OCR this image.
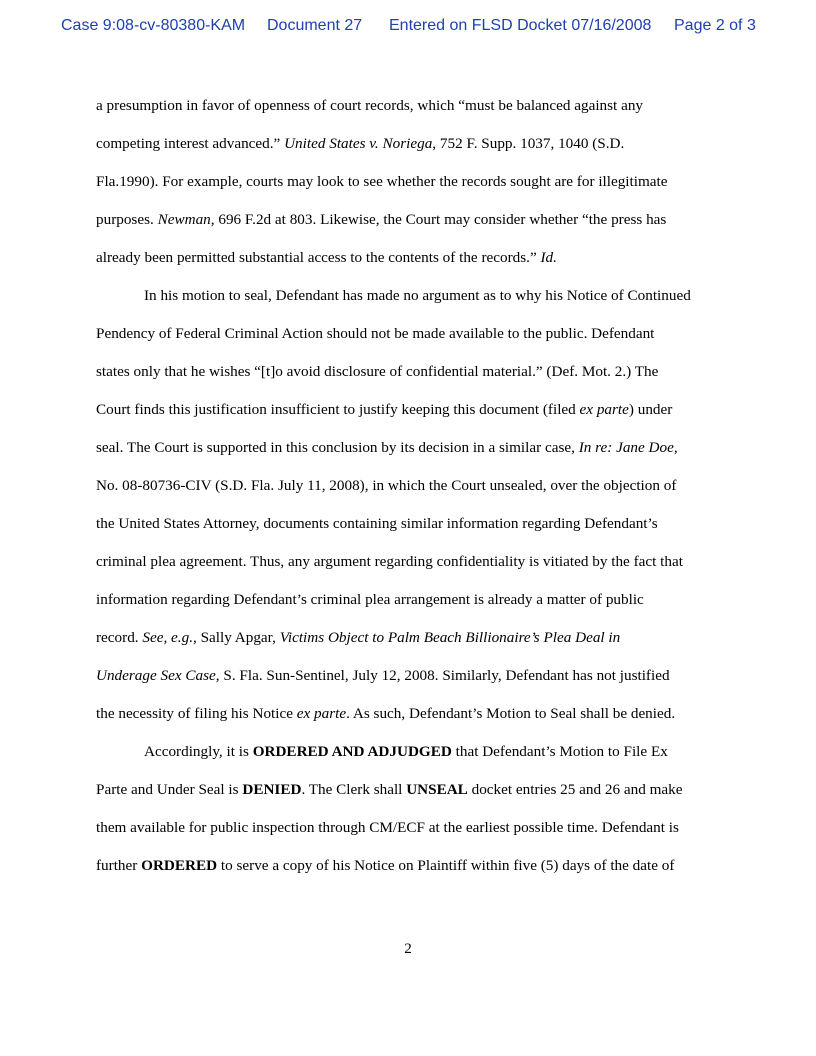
Case 9:08-cv-80380-KAM Document 27 Entered on FLSD Docket 07/16/2008 Page 2 of 3
a presumption in favor of openness of court records, which “must be balanced against any
competing interest advanced.” United States v. Noriega, 752 F. Supp. 1037, 1040 (S.D.
Fla.1990). For example, courts may look to see whether the records sought are for illegitimate
purposes. Newman, 696 F.2d at 803. Likewise, the Court may consider whether “the press has
already been permitted substantial access to the contents of the records.” Id.
In his motion to seal, Defendant has made no argument as to why his Notice of Continued
Pendency of Federal Criminal Action should not be made available to the public. Defendant
states only that he wishes “[t]o avoid disclosure of confidential material.” (Def. Mot. 2.) The
Court finds this justification insufficient to justify keeping this document (filed ex parte) under
seal. The Court is supported in this conclusion by its decision in a similar case, In re: Jane Doe,
No. 08-80736-CIV (S.D. Fla. July 11, 2008), in which the Court unsealed, over the objection of
the United States Attorney, documents containing similar information regarding Defendant’s
criminal plea agreement. Thus, any argument regarding confidentiality is vitiated by the fact that
information regarding Defendant’s criminal plea arrangement is already a matter of public
record. See, e.g., Sally Apgar, Victims Object to Palm Beach Billionaire’s Plea Deal in
Underage Sex Case, S. Fla. Sun-Sentinel, July 12, 2008. Similarly, Defendant has not justified
the necessity of filing his Notice ex parte. As such, Defendant’s Motion to Seal shall be denied.
Accordingly, it is ORDERED AND ADJUDGED that Defendant’s Motion to File Ex
Parte and Under Seal is DENIED. The Clerk shall UNSEAL docket entries 25 and 26 and make
them available for public inspection through CM/ECF at the earliest possible time. Defendant is
further ORDERED to serve a copy of his Notice on Plaintiff within five (5) days of the date of
2
